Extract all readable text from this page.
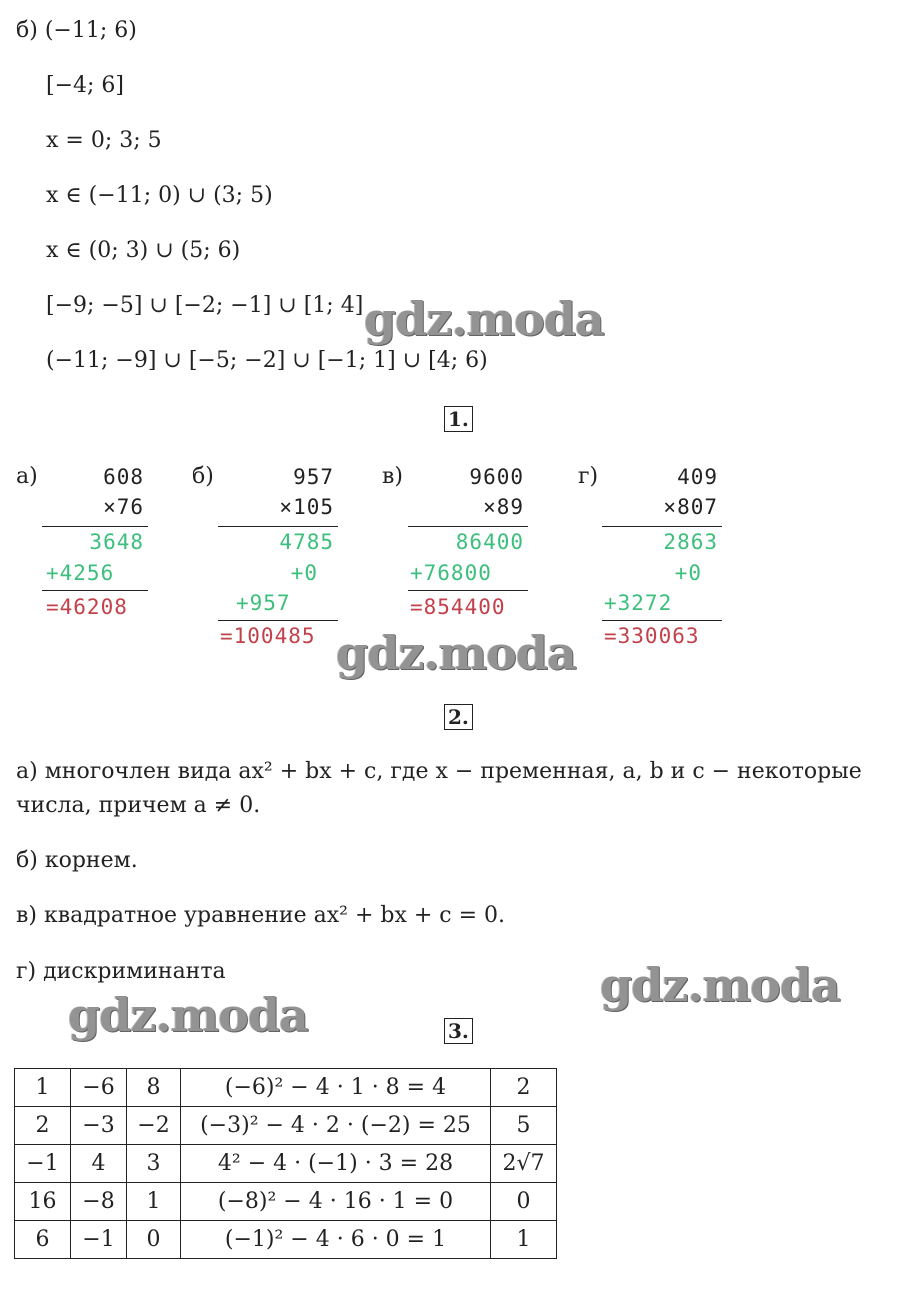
б) (−11; 6)
[−4; 6]
x = 0; 3; 5
x ∈ (−11; 0) ∪ (3; 5)
x ∈ (0; 3) ∪ (5; 6)
[−9; −5] ∪ [−2; −1] ∪ [1; 4]
(−11; −9] ∪ [−5; −2] ∪ [−1; 1] ∪ [4; 6)
gdz.moda
1.
а)	608
×76
3648
+4256
=46208
б)	957
×105
4785
+0
+957
=100485
в)	9600
×89
86400
+76800
=854400
г)	409
×807
2863
+0
+3272
=330063
gdz.moda
2.
а) многочлен вида ax² + bx + c, где x − пременная, a, b и c − некоторые числа, причем a ≠ 0.
б) корнем.
в) квадратное уравнение ax² + bx + c = 0.
г) дискриминанта	gdz.moda
gdz.moda	3.
1	−6	8	(−6)² − 4 · 1 · 8 = 4	2
2	−3	−2	(−3)² − 4 · 2 · (−2) = 25	5
−1	4	3	4² − 4 · (−1) · 3 = 28	2√7
16	−8	1	(−8)² − 4 · 16 · 1 = 0	0
6	−1	0	(−1)² − 4 · 6 · 0 = 1	1
